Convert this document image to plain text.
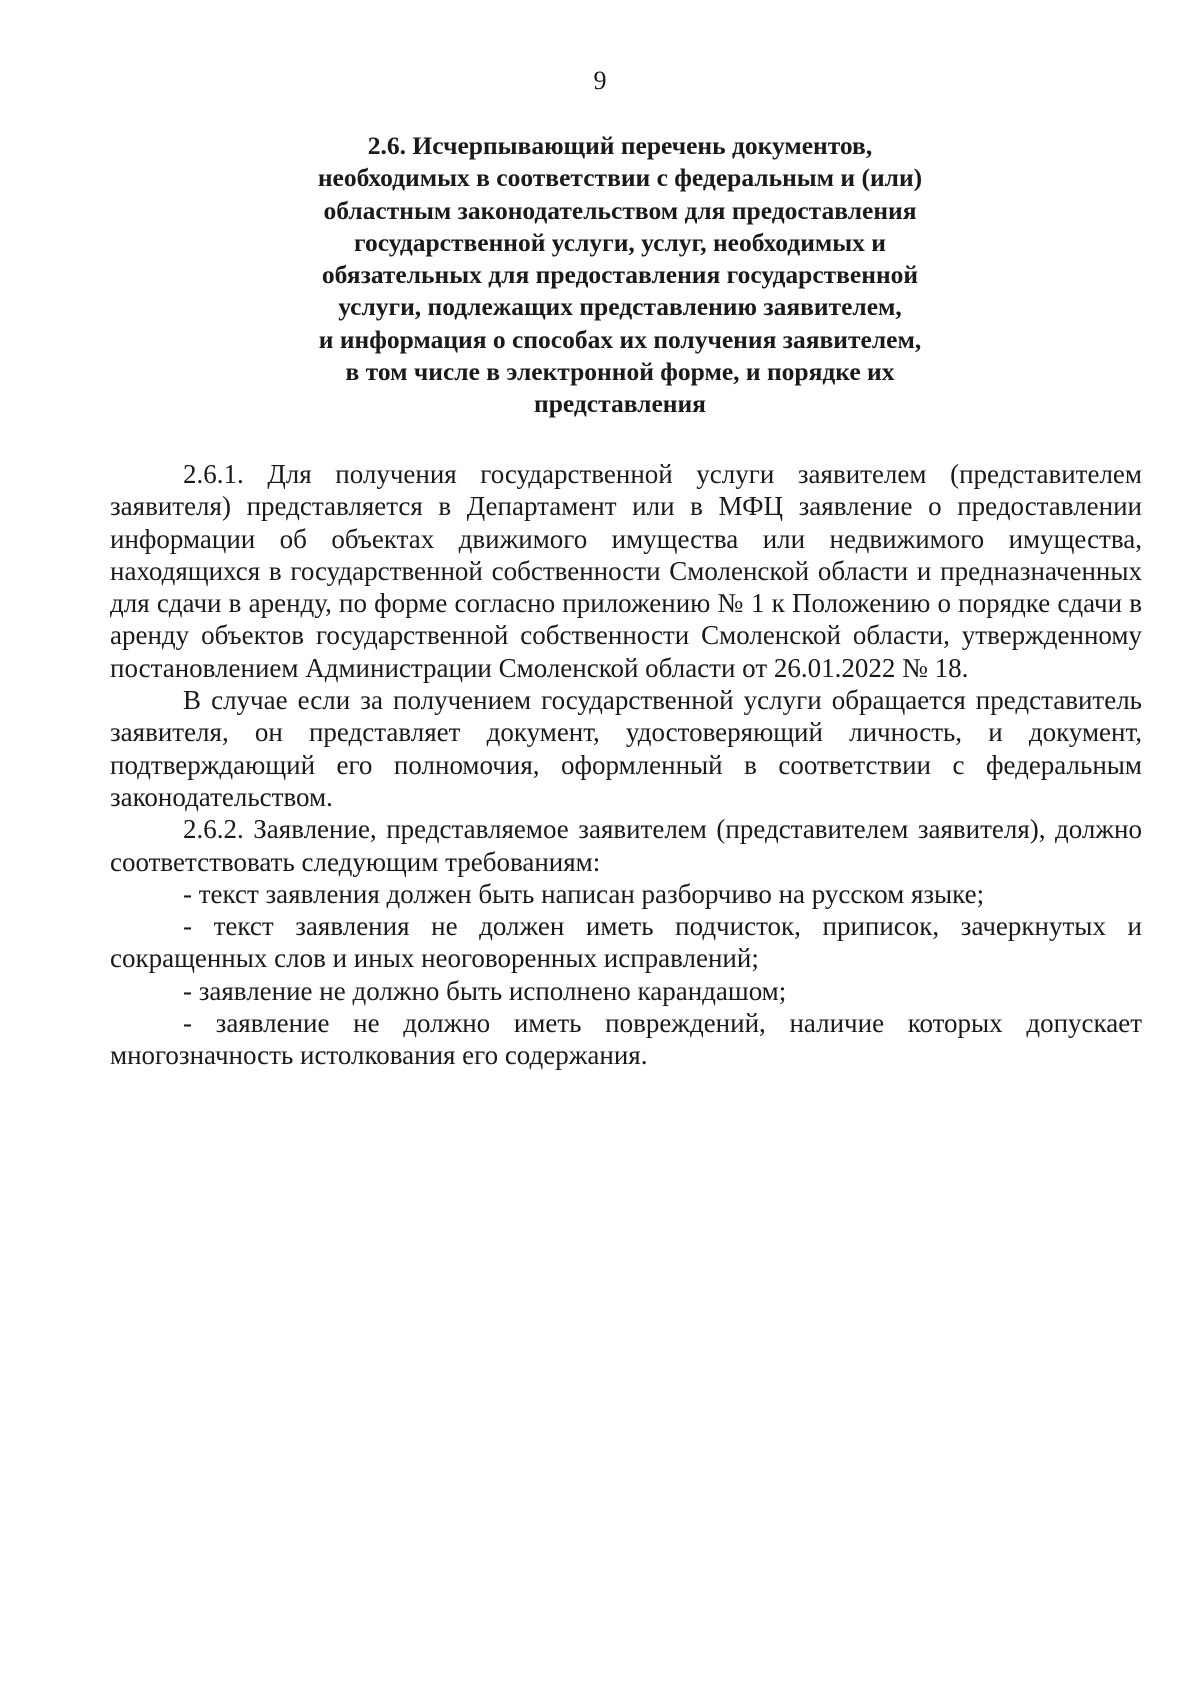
9
2.6. Исчерпывающий перечень документов,
необходимых в соответствии с федеральным и (или)
областным законодательством для предоставления
государственной услуги, услуг, необходимых и
обязательных для предоставления государственной
услуги, подлежащих представлению заявителем,
и информация о способах их получения заявителем,
в том числе в электронной форме, и порядке их
представления

2.6.1. Для получения государственной услуги заявителем (представителем заявителя) представляется в Департамент или в МФЦ заявление о предоставлении информации об объектах движимого имущества или недвижимого имущества, находящихся в государственной собственности Смоленской области и предназначенных для сдачи в аренду, по форме согласно приложению № 1 к Положению о порядке сдачи в аренду объектов государственной собственности Смоленской области, утвержденному постановлением Администрации Смоленской области от 26.01.2022 № 18.

В случае если за получением государственной услуги обращается представитель заявителя, он представляет документ, удостоверяющий личность, и документ, подтверждающий его полномочия, оформленный в соответствии с федеральным законодательством.

2.6.2. Заявление, представляемое заявителем (представителем заявителя), должно соответствовать следующим требованиям:

- текст заявления должен быть написан разборчиво на русском языке;

- текст заявления не должен иметь подчисток, приписок, зачеркнутых и сокращенных слов и иных неоговоренных исправлений;

- заявление не должно быть исполнено карандашом;

- заявление не должно иметь повреждений, наличие которых допускает многозначность истолкования его содержания.
